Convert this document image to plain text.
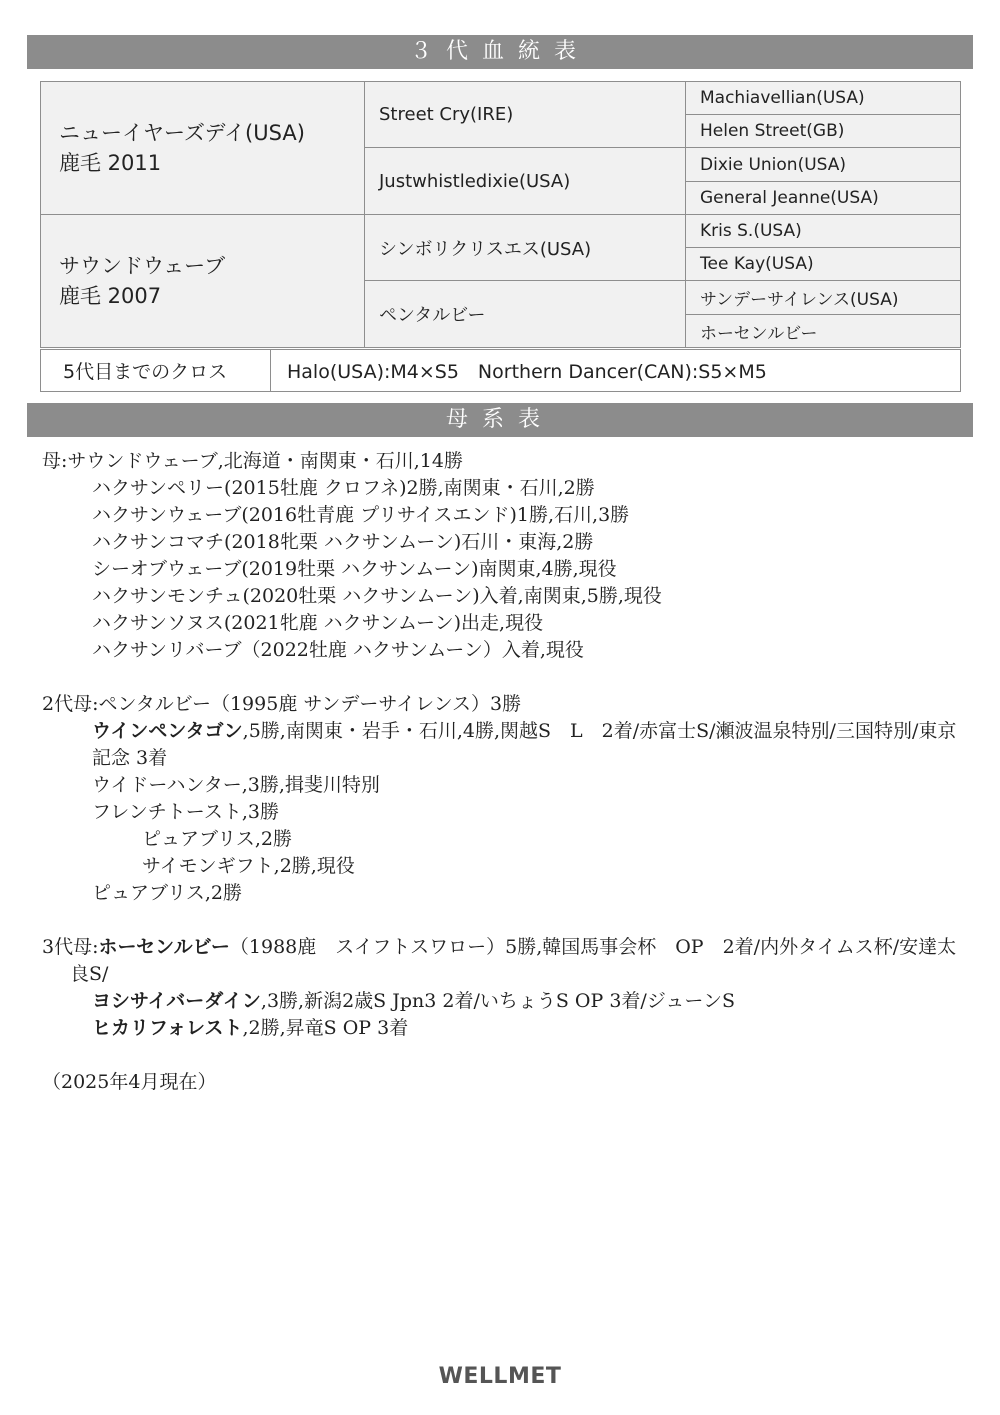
３代血統表
ニューイヤーズデイ(USA)
鹿毛 2011	Street Cry(IRE)	Machiavellian(USA)
		Helen Street(GB)
	Justwhistledixie(USA)	Dixie Union(USA)
		General Jeanne(USA)

サウンドウェーブ
鹿毛 2007	シンボリクリスエス(USA)	Kris S.(USA)
		Tee Kay(USA)
	ペンタルビー	サンデーサイレンス(USA)
		ホーセンルビー
5代目までのクロス	Halo(USA):M4×S5　Northern Dancer(CAN):S5×M5
母系表
母:サウンドウェーブ,北海道・南関東・石川,14勝
ハクサンペリー(2015牡鹿 クロフネ)2勝,南関東・石川,2勝
ハクサンウェーブ(2016牡青鹿 プリサイスエンド)1勝,石川,3勝
ハクサンコマチ(2018牝栗 ハクサンムーン)石川・東海,2勝
シーオブウェーブ(2019牡栗 ハクサンムーン)南関東,4勝,現役
ハクサンモンチュ(2020牡栗 ハクサンムーン)入着,南関東,5勝,現役
ハクサンソヌス(2021牝鹿 ハクサンムーン)出走,現役
ハクサンリバーブ（2022牡鹿 ハクサンムーン）入着,現役
2代母:ペンタルビー（1995鹿 サンデーサイレンス）3勝
ウインペンタゴン,5勝,南関東・岩手・石川,4勝,関越S　L　2着/赤富士S/瀬波温泉特別/三国特別/東京記念 3着
ウイドーハンター,3勝,揖斐川特別
フレンチトースト,3勝
ピュアブリス,2勝
サイモンギフト,2勝,現役
ピュアブリス,2勝
3代母:ホーセンルビー（1988鹿　スイフトスワロー）5勝,韓国馬事会杯　OP　2着/内外タイムス杯/安達太良S/
ヨシサイバーダイン,3勝,新潟2歳S Jpn3 2着/いちょうS OP 3着/ジューンS
ヒカリフォレスト,2勝,昇竜S OP 3着
（2025年4月現在）
WELLMET
